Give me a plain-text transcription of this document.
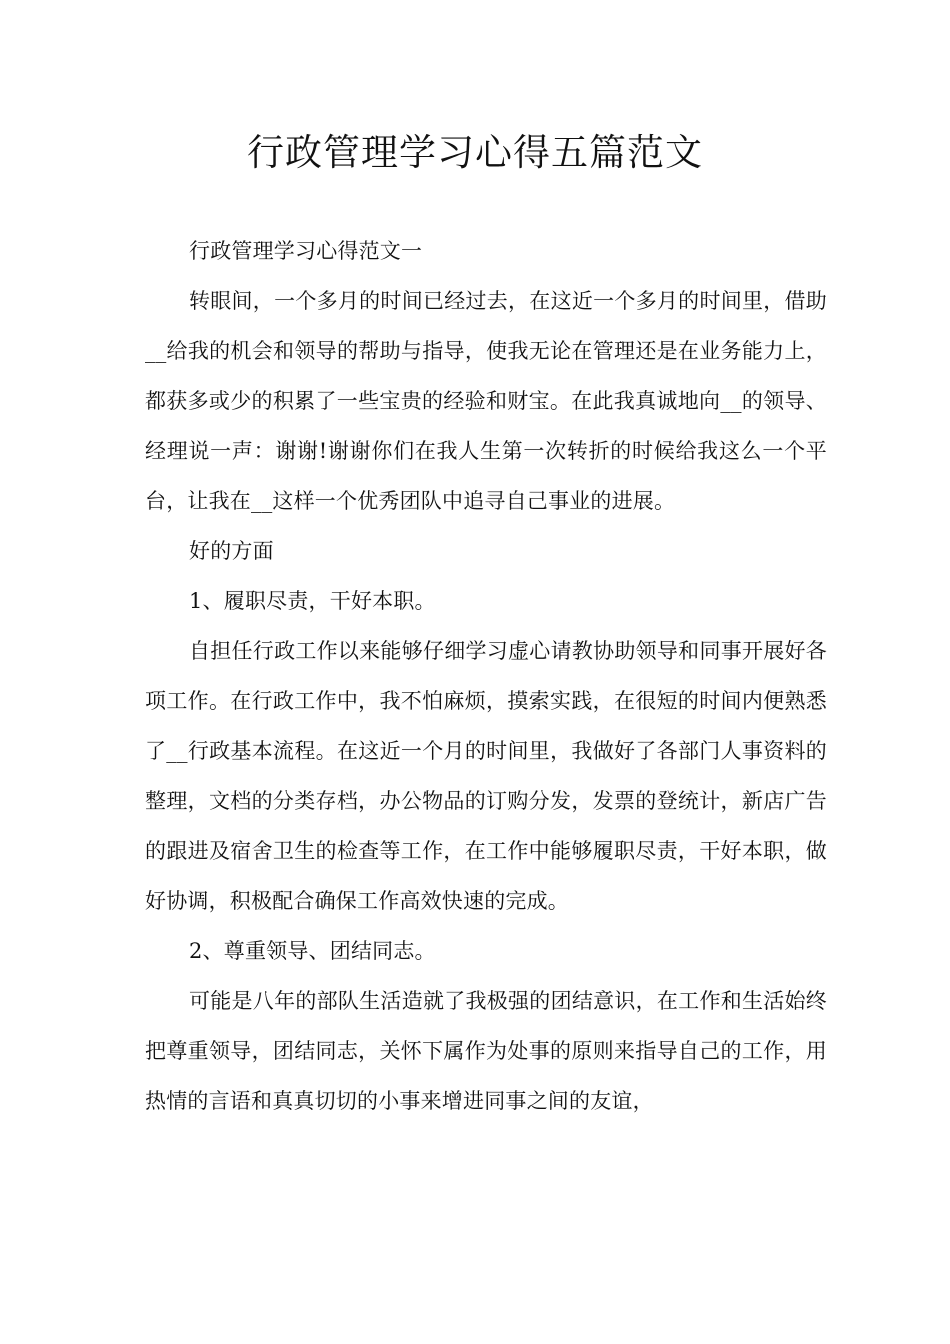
行政管理学习心得五篇范文

行政管理学习心得范文一

转眼间，一个多月的时间已经过去，在这近一个多月的时间里，借助__给我的机会和领导的帮助与指导，使我无论在管理还是在业务能力上，都获多或少的积累了一些宝贵的经验和财宝。在此我真诚地向__的领导、经理说一声：谢谢!谢谢你们在我人生第一次转折的时候给我这么一个平台，让我在__这样一个优秀团队中追寻自己事业的进展。

好的方面

1、履职尽责，干好本职。

自担任行政工作以来能够仔细学习虚心请教协助领导和同事开展好各项工作。在行政工作中，我不怕麻烦，摸索实践，在很短的时间内便熟悉了__行政基本流程。在这近一个月的时间里，我做好了各部门人事资料的整理，文档的分类存档，办公物品的订购分发，发票的登统计，新店广告的跟进及宿舍卫生的检查等工作，在工作中能够履职尽责，干好本职，做好协调，积极配合确保工作高效快速的完成。

2、尊重领导、团结同志。

可能是八年的部队生活造就了我极强的团结意识，在工作和生活始终把尊重领导，团结同志，关怀下属作为处事的原则来指导自己的工作，用热情的言语和真真切切的小事来增进同事之间的友谊，
